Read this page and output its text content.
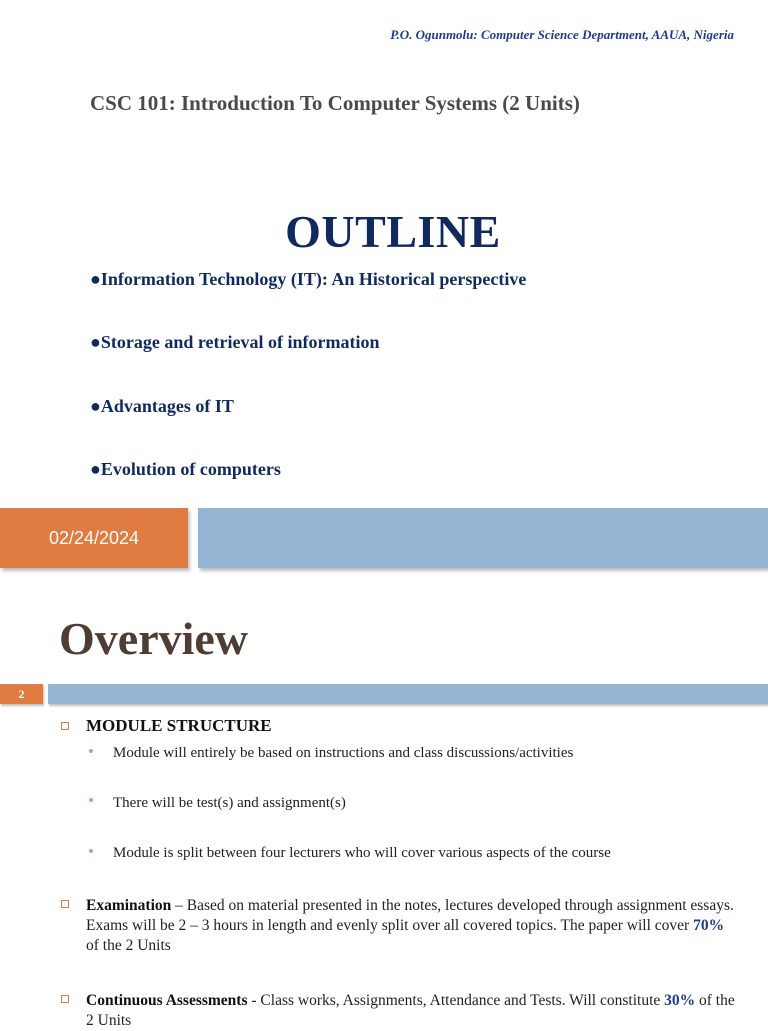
P.O. Ogunmolu: Computer Science Department, AAUA, Nigeria
CSC 101: Introduction To Computer Systems (2 Units)
OUTLINE
●Information Technology (IT): An Historical perspective
●Storage and retrieval of information
●Advantages of IT
●Evolution of computers
02/24/2024
Overview
2
MODULE STRUCTURE
Module will entirely be based on instructions and class discussions/activities
There will be test(s) and assignment(s)
Module is split between four lecturers who will cover various aspects of the course
Examination – Based on material presented in the notes, lectures developed through assignment essays. Exams will be 2 – 3 hours in length and evenly split over all covered topics. The paper will cover 70% of the 2 Units
Continuous Assessments - Class works, Assignments, Attendance and Tests. Will constitute 30% of the 2 Units
